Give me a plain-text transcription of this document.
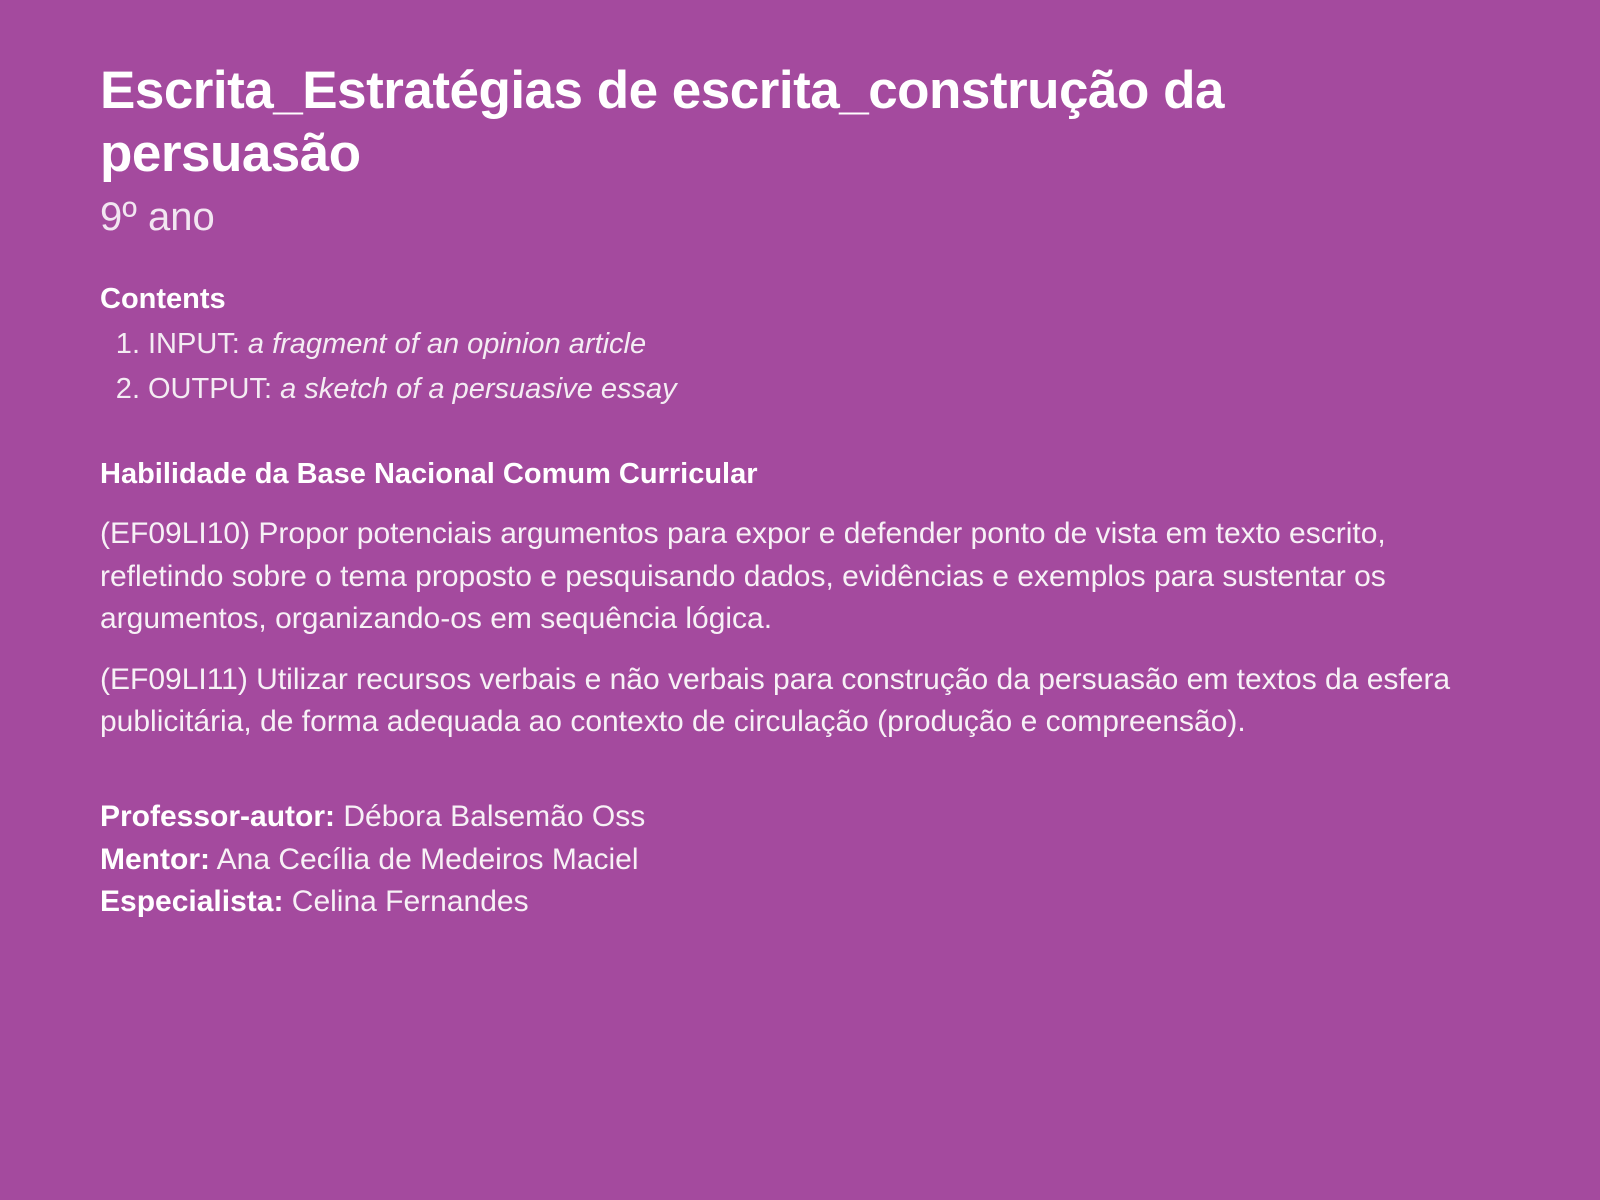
Escrita_Estratégias de escrita_construção da persuasão
9º ano
Contents
INPUT: a fragment of an opinion article
OUTPUT: a sketch of a persuasive essay
Habilidade da Base Nacional Comum Curricular

(EF09LI10) Propor potenciais argumentos para expor e defender ponto de vista em texto escrito, refletindo sobre o tema proposto e pesquisando dados, evidências e exemplos para sustentar os argumentos, organizando-os em sequência lógica.

(EF09LI11) Utilizar recursos verbais e não verbais para construção da persuasão em textos da esfera publicitária, de forma adequada ao contexto de circulação (produção e compreensão).

Professor-autor: Débora Balsemão Oss
Mentor: Ana Cecília de Medeiros Maciel
Especialista: Celina Fernandes
